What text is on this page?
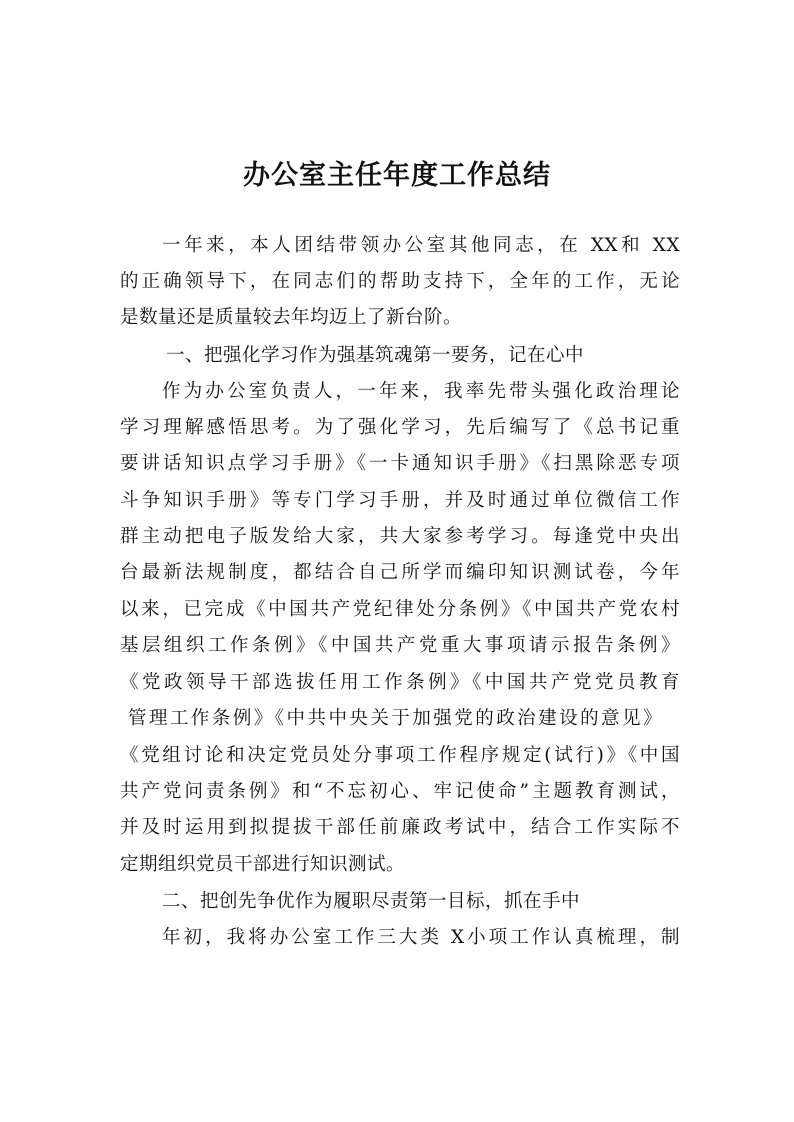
办公室主任年度工作总结
一年来，本人团结带领办公室其他同志，在 XX和 XX
的正确领导下，在同志们的帮助支持下，全年的工作，无论
是数量还是质量较去年均迈上了新台阶。
一、把强化学习作为强基筑魂第一要务，记在心中
作为办公室负责人，一年来，我率先带头强化政治理论
学习理解感悟思考。为了强化学习，先后编写了《总书记重
要讲话知识点学习手册》《一卡通知识手册》《扫黑除恶专项
斗争知识手册》等专门学习手册，并及时通过单位微信工作
群主动把电子版发给大家，共大家参考学习。每逢党中央出
台最新法规制度，都结合自己所学而编印知识测试卷，今年
以来，已完成《中国共产党纪律处分条例》《中国共产党农村
基层组织工作条例》《中国共产党重大事项请示报告条例》
《党政领导干部选拔任用工作条例》《中国共产党党员教育
管理工作条例》《中共中央关于加强党的政治建设的意见》
《党组讨论和决定党员处分事项工作程序规定(试行)》《中国
共产党问责条例》和“不忘初心、牢记使命”主题教育测试，
并及时运用到拟提拔干部任前廉政考试中，结合工作实际不
定期组织党员干部进行知识测试。
二、把创先争优作为履职尽责第一目标，抓在手中
年初，我将办公室工作三大类 X小项工作认真梳理，制
